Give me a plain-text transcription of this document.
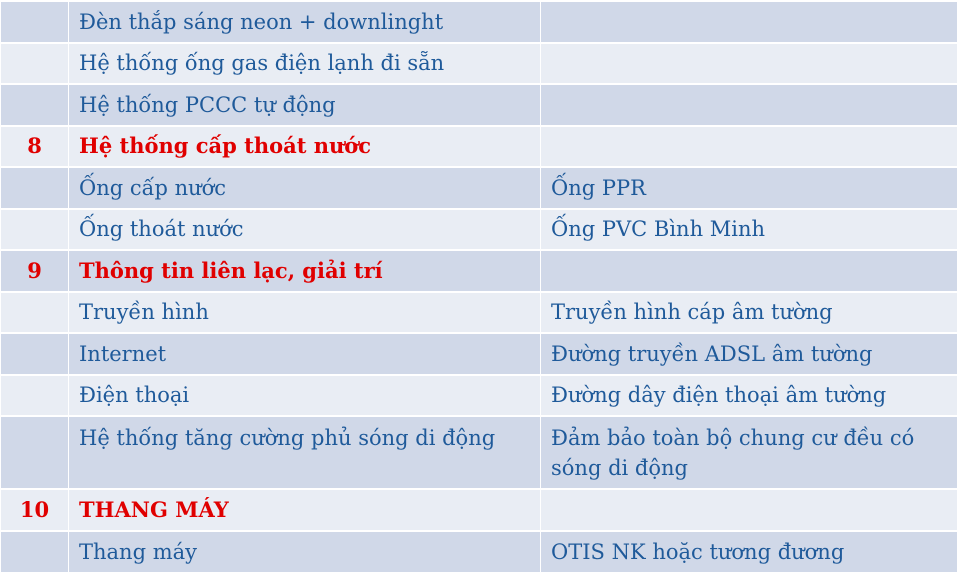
	Đèn thắp sáng neon + downlinght	
	Hệ thống ống gas điện lạnh đi sẵn	
	Hệ thống PCCC tự động	
8	Hệ thống cấp thoát nước	
	Ống cấp nước	Ống PPR
	Ống thoát nước	Ống PVC Bình Minh
9	Thông tin liên lạc, giải trí	
	Truyền hình	Truyền hình cáp âm tường
	Internet	Đường truyền ADSL âm tường
	Điện thoại	Đường dây điện thoại âm tường
	Hệ thống tăng cường phủ sóng di động	Đảm bảo toàn bộ chung cư đều có sóng di động
10	THANG MÁY	
	Thang máy	OTIS NK hoặc tương đương
